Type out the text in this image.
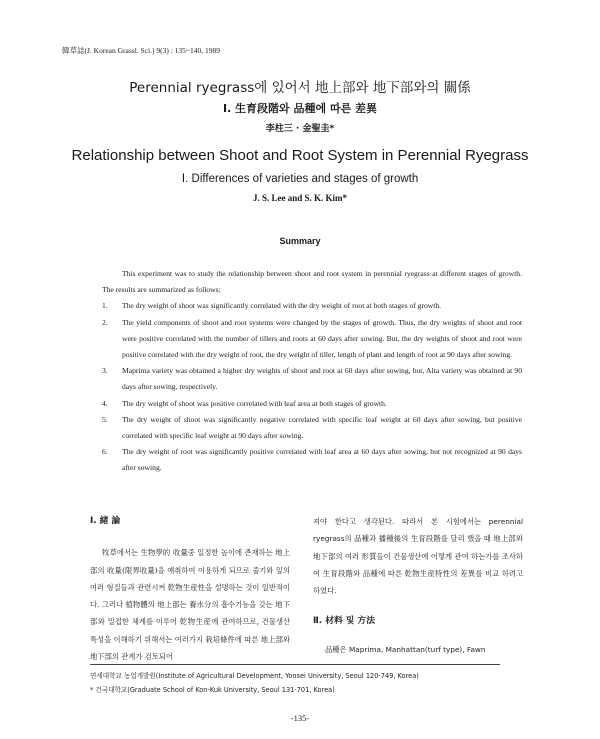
韓草誌(J. Korean Grassl. Sci.) 9(3) : 135~140, 1989
Perennial ryegrass에 있어서 地上部와 地下部와의 關係
Ⅰ. 生育段階와 品種에 따른 差異
李柱三 · 金聖圭*
Relationship between Shoot and Root System in Perennial Ryegrass
Ⅰ. Differences of varieties and stages of growth
J. S. Lee and S. K. Kim*
Summary

This experiment was to study the relationship between shoot and root system in perennial ryegrass at different stages of growth. The results are summarized as follows;

1. The dry weight of shoot was significantly correlated with the dry weight of root at both stages of growth.
2. The yield components of shoot and root systems were changed by the stages of growth. Thus, the dry weights of shoot and root were positive correlated with the number of tillers and roots at 60 days after sowing. But, the dry weights of shoot and root were positive correlated with the dry weight of root, the dry weight of tiller, length of plant and length of root at 90 days after sowing.
3. Maprima variety was obtained a higher dry weights of shoot and root at 60 days after sowing, but, Alta variety was obtained at 90 days after sowing, respectively.
4. The dry weight of shoot was positive correlated with leaf area at both stages of growth.
5. The dry weight of shoot was significantly negative correlated with specific leaf weight at 60 days after sowing, but positive correlated with specific leaf weight at 90 days after sowing.
6. The dry weight of root was significantly positive correlated with leaf area at 60 days after sowing, but not recognized at 90 days after sowing.
Ⅰ. 緒 論

牧草에서는 生物學的 收量중 일정한 높이에 존재하는 地上部의 收量(限界收量)을 예취하여 이용하게 되므로 줄기와 잎의 여러 형질들과 관련시켜 乾物生産性을 설명하는 것이 일반적이다. 그러나 植物體의 地上部는 養水分의 흡수기능을 갖는 地下部와 밀접한 체계를 이루어 乾物生産에 관여하므로, 건물생산특성을 이해하기 위해서는 여러가지 栽培條件에 따른 地上部와 地下部의 관계가 검토되어

져야 한다고 생각된다. 따라서 본 시험에서는 perennial ryegrass의 品種과 播種後의 生育段階를 달리 했을 때 地上部와 地下部의 여러 形質들이 건물생산에 어떻게 관여 하는가를 조사하여 生育段階와 品種에 따른 乾物生産特性의 差異를 비교 하려고 하였다.

Ⅱ. 材料 및 方法

品種은 Maprima, Manhattan(turf type), Fawn

연세대학교 농업개발원(Institute of Agricultural Development, Yonsei University, Seoul 120-749, Korea)
* 건국대학교(Graduate School of Kon-Kuk University, Seoul 131-701, Korea)
-135-
